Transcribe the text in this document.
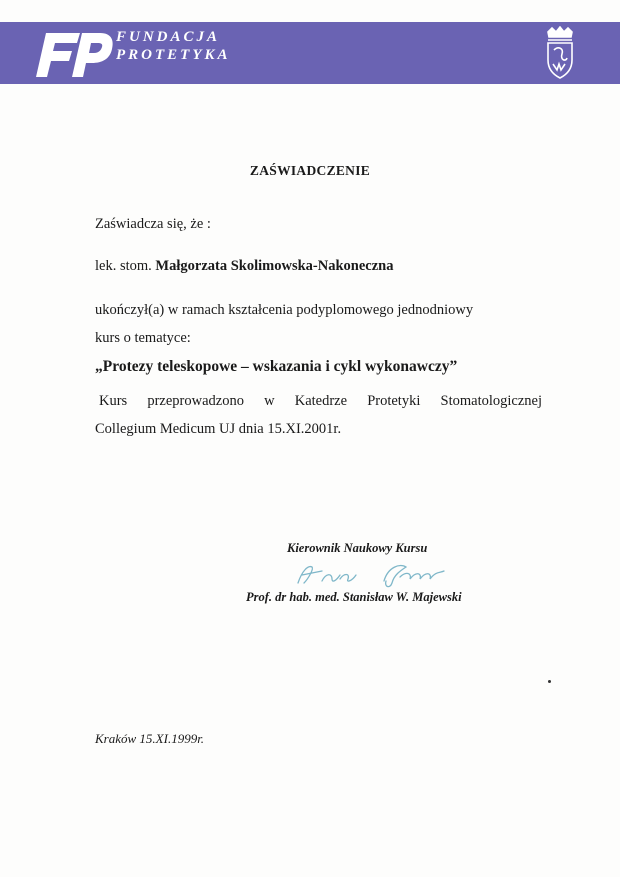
FUNDACJA
PROTETYKA
ZAŚWIADCZENIE
Zaświadcza się, że :
lek. stom. Małgorzata Skolimowska-Nakoneczna
ukończył(a) w ramach kształcenia podyplomowego jednodniowy
kurs o tematyce:
„Protezy teleskopowe – wskazania i cykl wykonawczy”
Kurs przeprowadzono w Katedrze Protetyki Stomatologicznej
Collegium Medicum UJ dnia 15.XI.2001r.
Kierownik Naukowy Kursu
Prof. dr hab. med. Stanisław W. Majewski
Kraków 15.XI.1999r.
